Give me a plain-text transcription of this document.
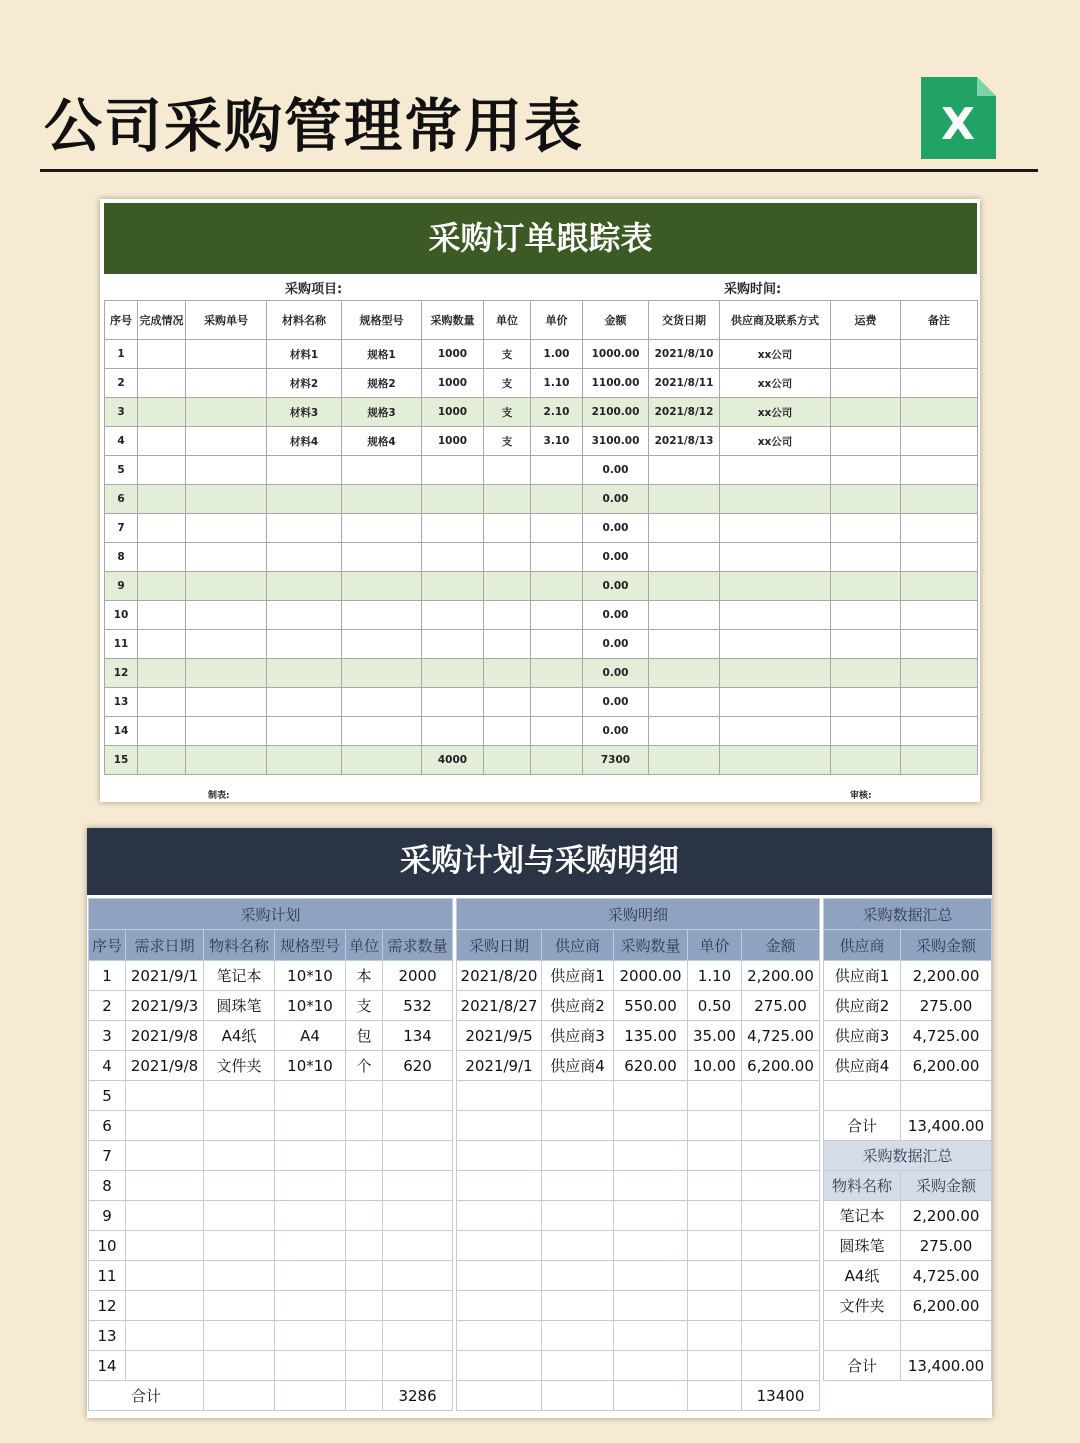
公司采购管理常用表	X
采购订单跟踪表
采购项目:	采购时间:
序号	完成情况	采购单号	材料名称	规格型号	采购数量	单位	单价	金额	交货日期	供应商及联系方式	运费	备注
1			材料1	规格1	1000	支	1.00	1000.00	2021/8/10	xx公司		
2			材料2	规格2	1000	支	1.10	1100.00	2021/8/11	xx公司		
3			材料3	规格3	1000	支	2.10	2100.00	2021/8/12	xx公司		
4			材料4	规格4	1000	支	3.10	3100.00	2021/8/13	xx公司		
5								0.00				
6								0.00				
7								0.00				
8								0.00				
9								0.00				
10								0.00				
11								0.00				
12								0.00				
13								0.00				
14								0.00				
15					4000			7300				
制表:	审核:
采购计划与采购明细
采购计划					
序号	需求日期	物料名称	规格型号	单位	需求数量
1	2021/9/1	笔记本	10*10	本	2000
2	2021/9/3	圆珠笔	10*10	支	532
3	2021/9/8	A4纸	A4	包	134
4	2021/9/8	文件夹	10*10	个	620
5					
6					
7					
8					
9					
10					
11					
12					
13					
14					
合计					3286
采购明细				
采购日期	供应商	采购数量	单价	金额
2021/8/20	供应商1	2000.00	1.10	2,200.00
2021/8/27	供应商2	550.00	0.50	275.00
2021/9/5	供应商3	135.00	35.00	4,725.00
2021/9/1	供应商4	620.00	10.00	6,200.00

				13400
采购数据汇总	
供应商	采购金额
供应商1	2,200.00
供应商2	275.00
供应商3	4,725.00
供应商4	6,200.00

合计	13,400.00
采购数据汇总	
物料名称	采购金额
笔记本	2,200.00
圆珠笔	275.00
A4纸	4,725.00
文件夹	6,200.00

合计	13,400.00
